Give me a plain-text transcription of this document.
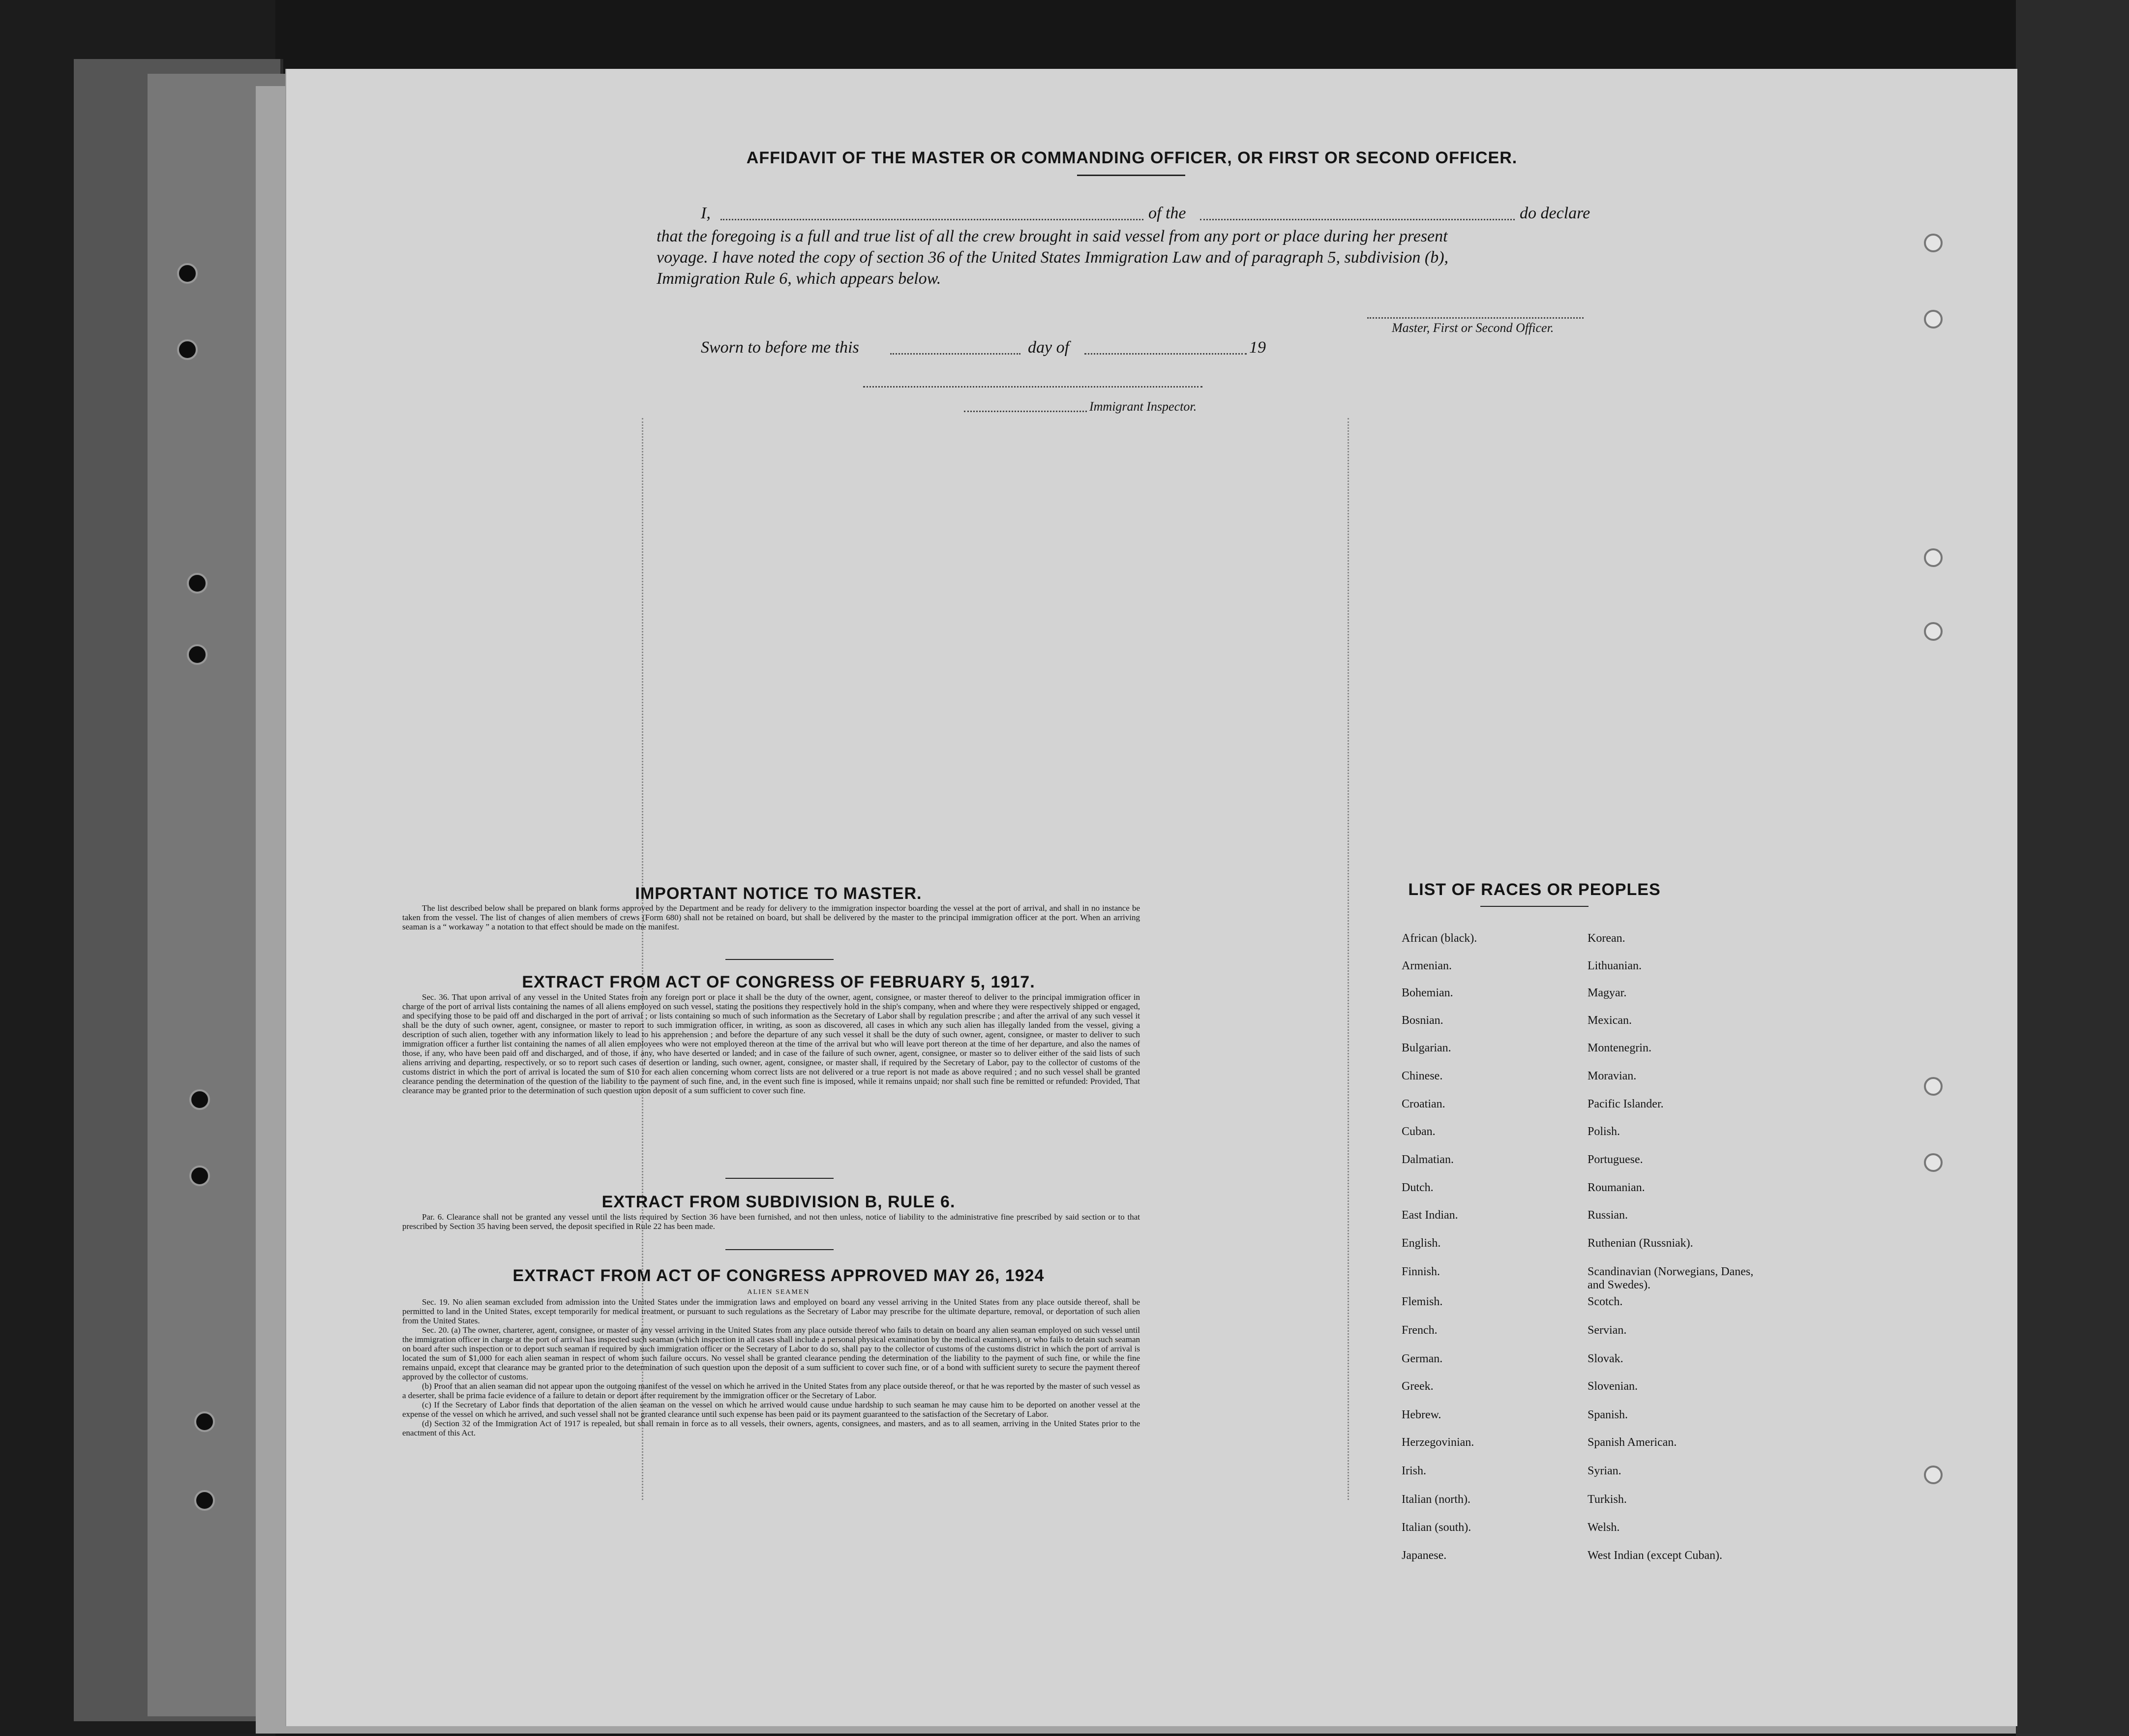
AFFIDAVIT OF THE MASTER OR COMMANDING OFFICER, OR FIRST OR SECOND OFFICER.
I,	of the	do declare
that the foregoing is a full and true list of all the crew brought in said vessel from any port or place during her present
voyage. I have noted the copy of section 36 of the United States Immigration Law and of paragraph 5, subdivision (b),
Immigration Rule 6, which appears below.
Master, First or Second Officer.
Sworn to before me this	day of	19
Immigrant Inspector.
IMPORTANT NOTICE TO MASTER.

The list described below shall be prepared on blank forms approved by the Department and be ready for delivery to the immigration inspector boarding the vessel at the port of arrival, and shall in no instance be taken from the vessel. The list of changes of alien members of crews (Form 680) shall not be retained on board, but shall be delivered by the master to the principal immigration officer at the port. When an arriving seaman is a “ workaway ” a notation to that effect should be made on the manifest.

EXTRACT FROM ACT OF CONGRESS OF FEBRUARY 5, 1917.

Sec. 36. That upon arrival of any vessel in the United States from any foreign port or place it shall be the duty of the owner, agent, consignee, or master thereof to deliver to the principal immigration officer in charge of the port of arrival lists containing the names of all aliens employed on such vessel, stating the positions they respectively hold in the ship's company, when and where they were respectively shipped or engaged, and specifying those to be paid off and discharged in the port of arrival ; or lists containing so much of such information as the Secretary of Labor shall by regulation prescribe ; and after the arrival of any such vessel it shall be the duty of such owner, agent, consignee, or master to report to such immigration officer, in writing, as soon as discovered, all cases in which any such alien has illegally landed from the vessel, giving a description of such alien, together with any information likely to lead to his apprehension ; and before the departure of any such vessel it shall be the duty of such owner, agent, consignee, or master to deliver to such immigration officer a further list containing the names of all alien employees who were not employed thereon at the time of the arrival but who will leave port thereon at the time of her departure, and also the names of those, if any, who have been paid off and discharged, and of those, if any, who have deserted or landed; and in case of the failure of such owner, agent, consignee, or master so to deliver either of the said lists of such aliens arriving and departing, respectively, or so to report such cases of desertion or landing, such owner, agent, consignee, or master shall, if required by the Secretary of Labor, pay to the collector of customs of the customs district in which the port of arrival is located the sum of $10 for each alien concerning whom correct lists are not delivered or a true report is not made as above required ; and no such vessel shall be granted clearance pending the determination of the question of the liability to the payment of such fine, and, in the event such fine is imposed, while it remains unpaid; nor shall such fine be remitted or refunded: Provided, That clearance may be granted prior to the determination of such question upon deposit of a sum sufficient to cover such fine.

EXTRACT FROM SUBDIVISION B, RULE 6.

Par. 6. Clearance shall not be granted any vessel until the lists required by Section 36 have been furnished, and not then unless, notice of liability to the administrative fine prescribed by said section or to that prescribed by Section 35 having been served, the deposit specified in Rule 22 has been made.

EXTRACT FROM ACT OF CONGRESS APPROVED MAY 26, 1924
ALIEN SEAMEN

Sec. 19. No alien seaman excluded from admission into the United States under the immigration laws and employed on board any vessel arriving in the United States from any place outside thereof, shall be permitted to land in the United States, except temporarily for medical treatment, or pursuant to such regulations as the Secretary of Labor may prescribe for the ultimate departure, removal, or deportation of such alien from the United States.

Sec. 20. (a) The owner, charterer, agent, consignee, or master of any vessel arriving in the United States from any place outside thereof who fails to detain on board any alien seaman employed on such vessel until the immigration officer in charge at the port of arrival has inspected such seaman (which inspection in all cases shall include a personal physical examination by the medical examiners), or who fails to detain such seaman on board after such inspection or to deport such seaman if required by such immigration officer or the Secretary of Labor to do so, shall pay to the collector of customs of the customs district in which the port of arrival is located the sum of $1,000 for each alien seaman in respect of whom such failure occurs. No vessel shall be granted clearance pending the determination of the liability to the payment of such fine, or while the fine remains unpaid, except that clearance may be granted prior to the determination of such question upon the deposit of a sum sufficient to cover such fine, or of a bond with sufficient surety to secure the payment thereof approved by the collector of customs.

(b) Proof that an alien seaman did not appear upon the outgoing manifest of the vessel on which he arrived in the United States from any place outside thereof, or that he was reported by the master of such vessel as a deserter, shall be prima facie evidence of a failure to detain or deport after requirement by the immigration officer or the Secretary of Labor.

(c) If the Secretary of Labor finds that deportation of the alien seaman on the vessel on which he arrived would cause undue hardship to such seaman he may cause him to be deported on another vessel at the expense of the vessel on which he arrived, and such vessel shall not be granted clearance until such expense has been paid or its payment guaranteed to the satisfaction of the Secretary of Labor.

(d) Section 32 of the Immigration Act of 1917 is repealed, but shall remain in force as to all vessels, their owners, agents, consignees, and masters, and as to all seamen, arriving in the United States prior to the enactment of this Act.

LIST OF RACES OR PEOPLES
African (black).
Armenian.
Bohemian.
Bosnian.
Bulgarian.
Chinese.
Croatian.
Cuban.
Dalmatian.
Dutch.
East Indian.
English.
Finnish.
Flemish.
French.
German.
Greek.
Hebrew.
Herzegovinian.
Irish.
Italian (north).
Italian (south).
Japanese.
Korean.
Lithuanian.
Magyar.
Mexican.
Montenegrin.
Moravian.
Pacific Islander.
Polish.
Portuguese.
Roumanian.
Russian.
Ruthenian (Russniak).
Scandinavian (Norwegians, Danes, and Swedes).
Scotch.
Servian.
Slovak.
Slovenian.
Spanish.
Spanish American.
Syrian.
Turkish.
Welsh.
West Indian (except Cuban).
